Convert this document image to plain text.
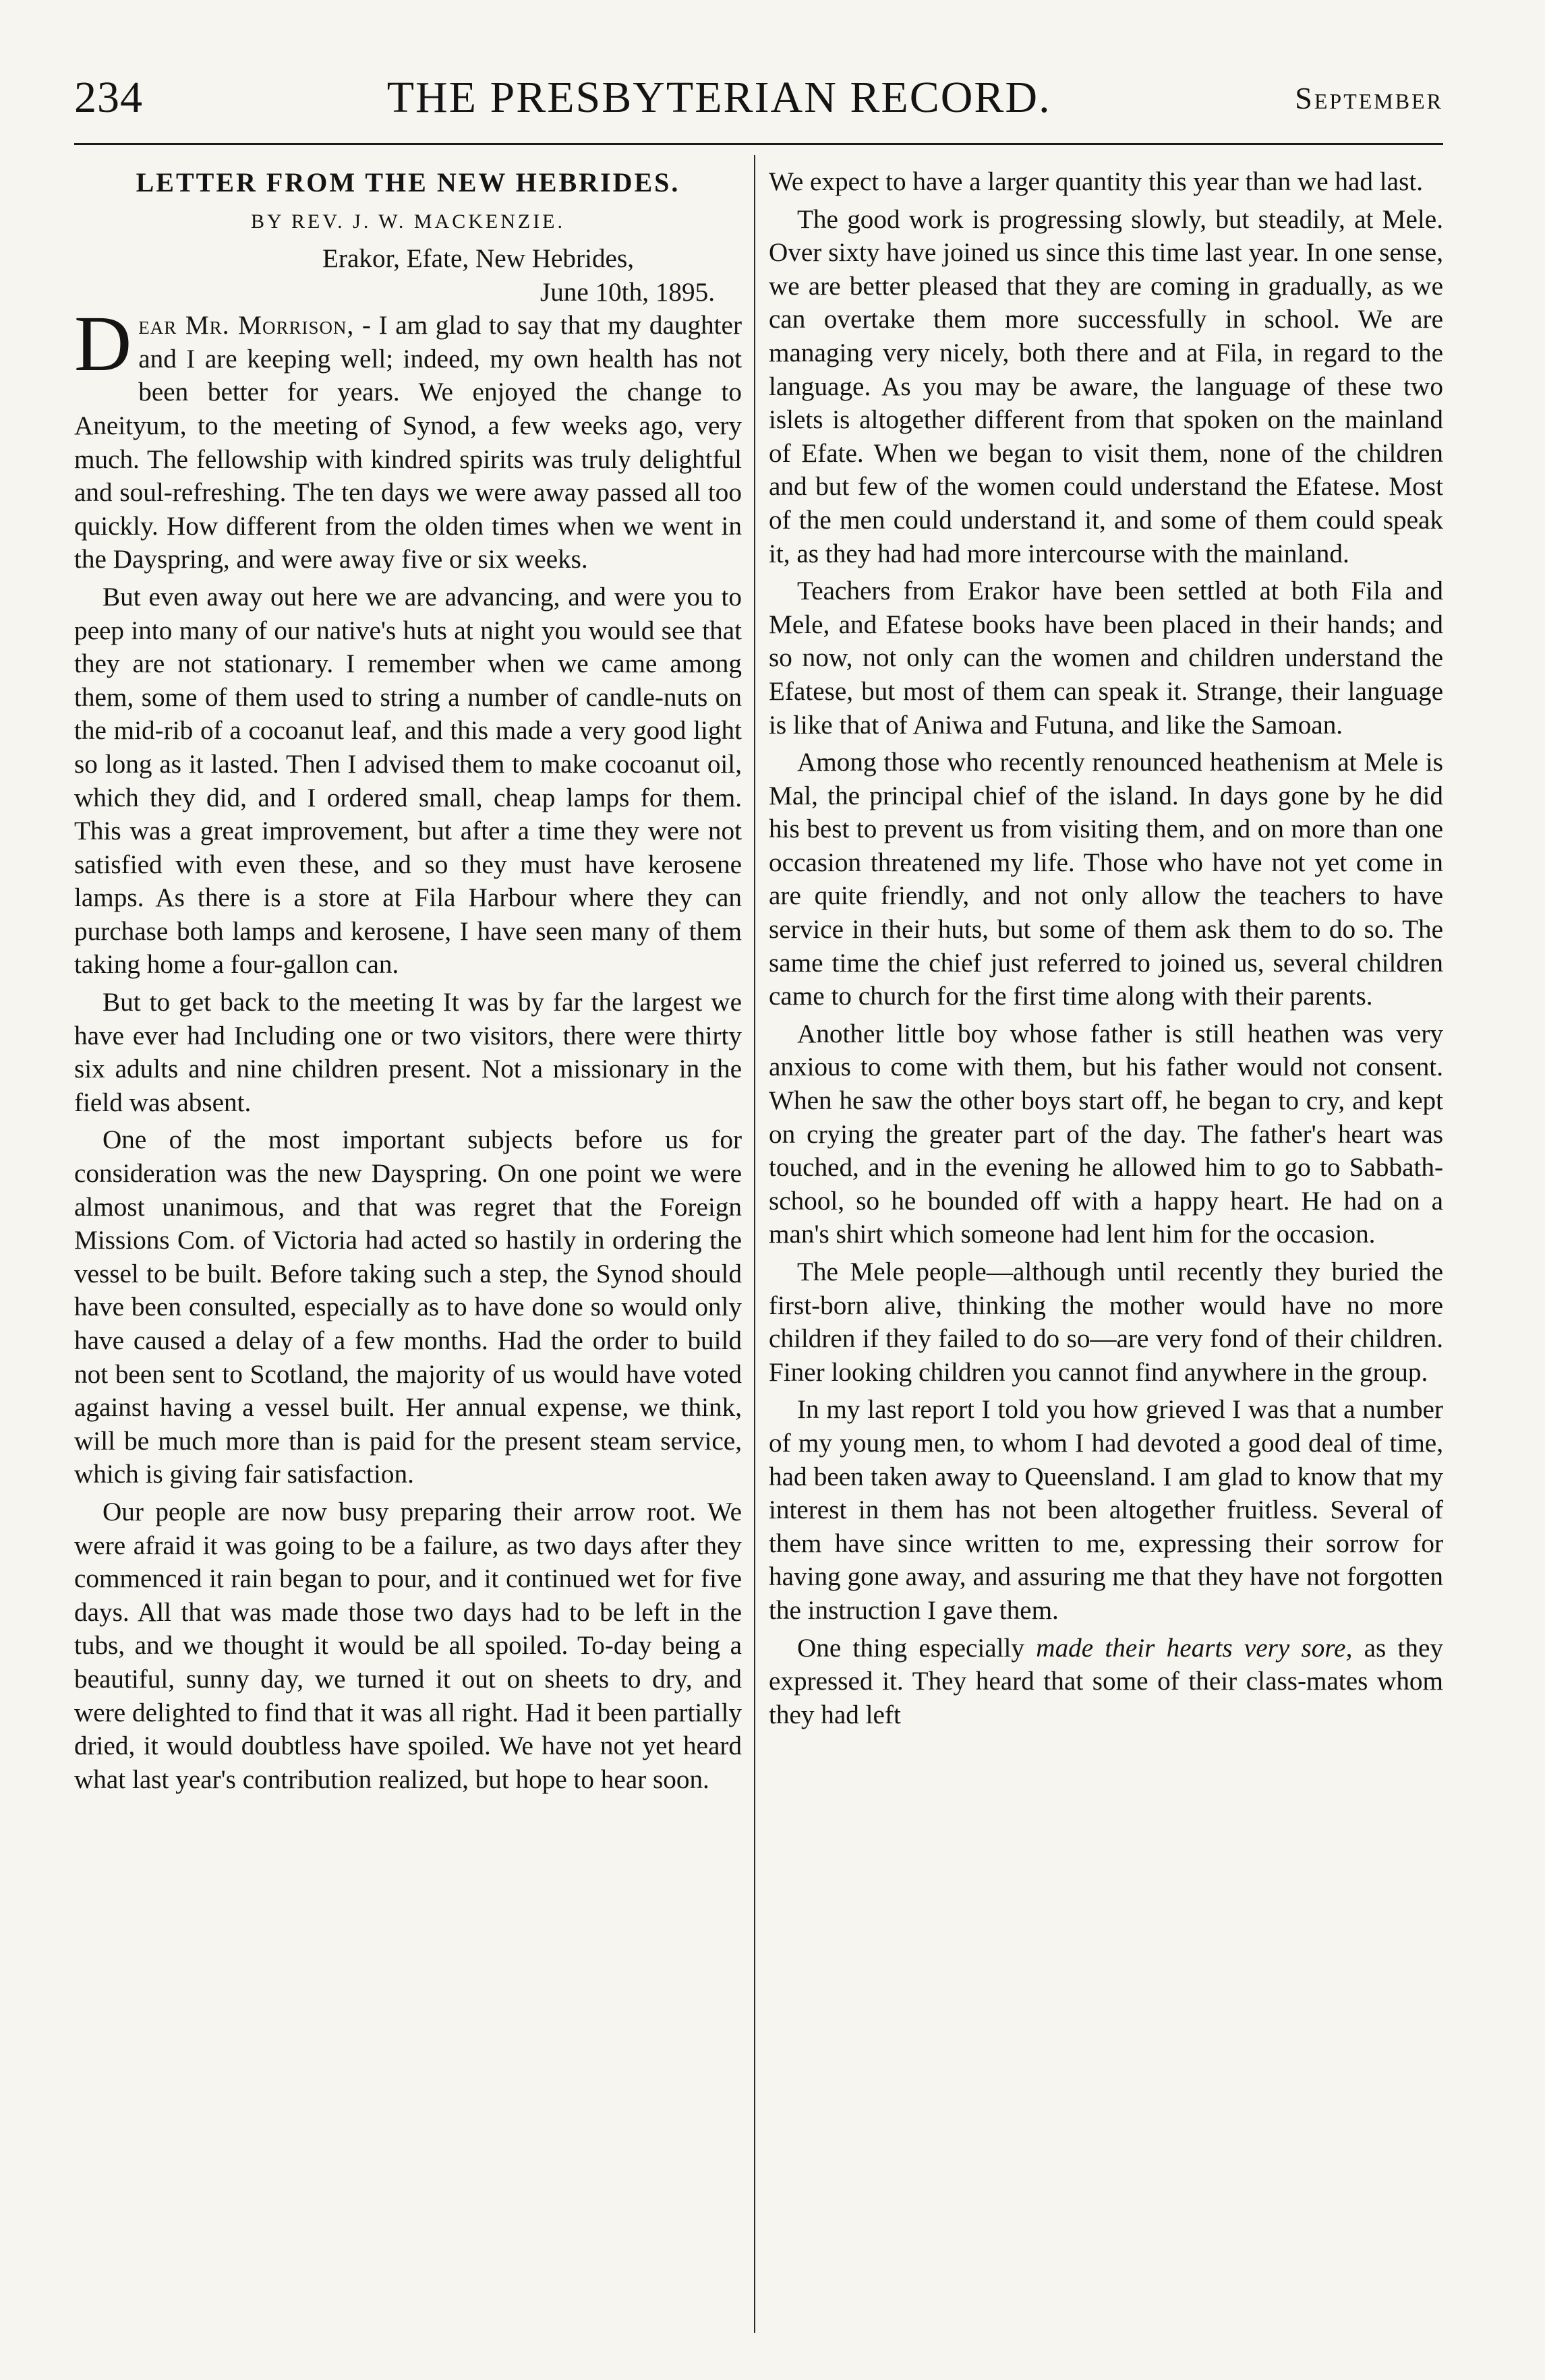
234	THE PRESBYTERIAN RECORD.	September
LETTER FROM THE NEW HEBRIDES.
BY REV. J. W. MACKENZIE.
Erakor, Efate, New Hebrides,
June 10th, 1895.

Dear Mr. Morrison, - I am glad to say that my daughter and I are keeping well; indeed, my own health has not been better for years. We enjoyed the change to Aneityum, to the meeting of Synod, a few weeks ago, very much. The fellowship with kindred spirits was truly delightful and soul-refreshing. The ten days we were away passed all too quickly. How different from the olden times when we went in the Dayspring, and were away five or six weeks.

But even away out here we are advancing, and were you to peep into many of our native's huts at night you would see that they are not stationary. I remember when we came among them, some of them used to string a number of candle-nuts on the mid-rib of a cocoanut leaf, and this made a very good light so long as it lasted. Then I advised them to make cocoanut oil, which they did, and I ordered small, cheap lamps for them. This was a great improvement, but after a time they were not satisfied with even these, and so they must have kerosene lamps. As there is a store at Fila Harbour where they can purchase both lamps and kerosene, I have seen many of them taking home a four-gallon can.

But to get back to the meeting It was by far the largest we have ever had Including one or two visitors, there were thirty six adults and nine children present. Not a missionary in the field was absent.

One of the most important subjects before us for consideration was the new Dayspring. On one point we were almost unanimous, and that was regret that the Foreign Missions Com. of Victoria had acted so hastily in ordering the vessel to be built. Before taking such a step, the Synod should have been consulted, especially as to have done so would only have caused a delay of a few months. Had the order to build not been sent to Scotland, the majority of us would have voted against having a vessel built. Her annual expense, we think, will be much more than is paid for the present steam service, which is giving fair satisfaction.

Our people are now busy preparing their arrow root. We were afraid it was going to be a failure, as two days after they commenced it rain began to pour, and it continued wet for five days. All that was made those two days had to be left in the tubs, and we thought it would be all spoiled. To-day being a beautiful, sunny day, we turned it out on sheets to dry, and were delighted to find that it was all right. Had it been partially dried, it would doubtless have spoiled. We have not yet heard what last year's contribution realized, but hope to hear soon.

We expect to have a larger quantity this year than we had last.

The good work is progressing slowly, but steadily, at Mele. Over sixty have joined us since this time last year. In one sense, we are better pleased that they are coming in gradually, as we can overtake them more successfully in school. We are managing very nicely, both there and at Fila, in regard to the language. As you may be aware, the language of these two islets is altogether different from that spoken on the mainland of Efate. When we began to visit them, none of the children and but few of the women could understand the Efatese. Most of the men could understand it, and some of them could speak it, as they had had more intercourse with the mainland.

Teachers from Erakor have been settled at both Fila and Mele, and Efatese books have been placed in their hands; and so now, not only can the women and children understand the Efatese, but most of them can speak it. Strange, their language is like that of Aniwa and Futuna, and like the Samoan.

Among those who recently renounced heathenism at Mele is Mal, the principal chief of the island. In days gone by he did his best to prevent us from visiting them, and on more than one occasion threatened my life. Those who have not yet come in are quite friendly, and not only allow the teachers to have service in their huts, but some of them ask them to do so. The same time the chief just referred to joined us, several children came to church for the first time along with their parents.

Another little boy whose father is still heathen was very anxious to come with them, but his father would not consent. When he saw the other boys start off, he began to cry, and kept on crying the greater part of the day. The father's heart was touched, and in the evening he allowed him to go to Sabbath-school, so he bounded off with a happy heart. He had on a man's shirt which someone had lent him for the occasion.

The Mele people—although until recently they buried the first-born alive, thinking the mother would have no more children if they failed to do so—are very fond of their children. Finer looking children you cannot find anywhere in the group.

In my last report I told you how grieved I was that a number of my young men, to whom I had devoted a good deal of time, had been taken away to Queensland. I am glad to know that my interest in them has not been altogether fruitless. Several of them have since written to me, expressing their sorrow for having gone away, and assuring me that they have not forgotten the instruction I gave them.

One thing especially made their hearts very sore, as they expressed it. They heard that some of their class-mates whom they had left
